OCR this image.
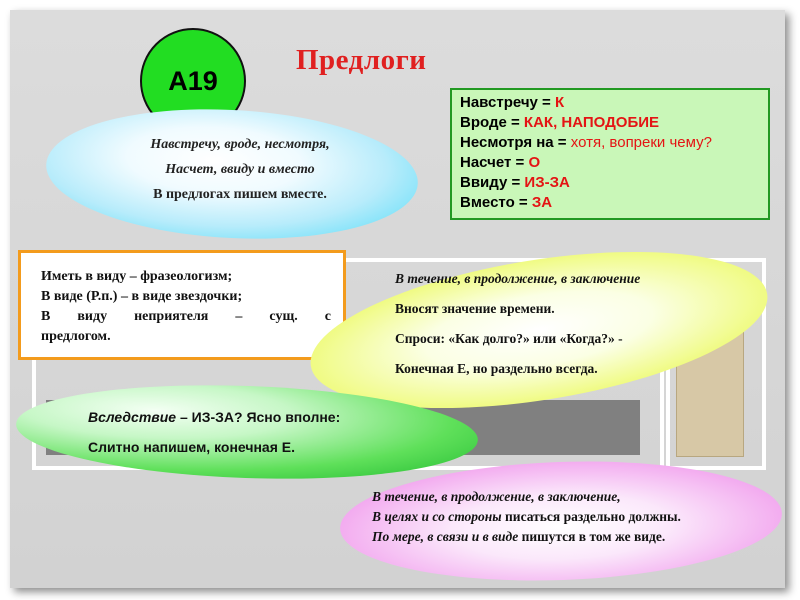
А19
Предлоги
Навстречу = К
Вроде = КАК, НАПОДОБИЕ
Несмотря на = хотя, вопреки чему?
Насчет = О
Ввиду = ИЗ-ЗА
Вместо = ЗА
Навстречу, вроде, несмотря,
Насчет, ввиду и вместо
В предлогах пишем вместе.
Иметь в виду – фразеологизм;
В виде (Р.п.) – в виде звездочки;
В виду неприятеля – сущ. с
предлогом.
В течение, в продолжение, в заключение
Вносят значение времени.
Спроси: «Как долго?» или «Когда?» -
Конечная Е, но раздельно всегда.
Вследствие – ИЗ-ЗА? Ясно вполне:
Слитно напишем, конечная Е.
В течение, в продолжение, в заключение,
В целях и со стороны писаться раздельно должны.
По мере, в связи и в виде пишутся в том же виде.
